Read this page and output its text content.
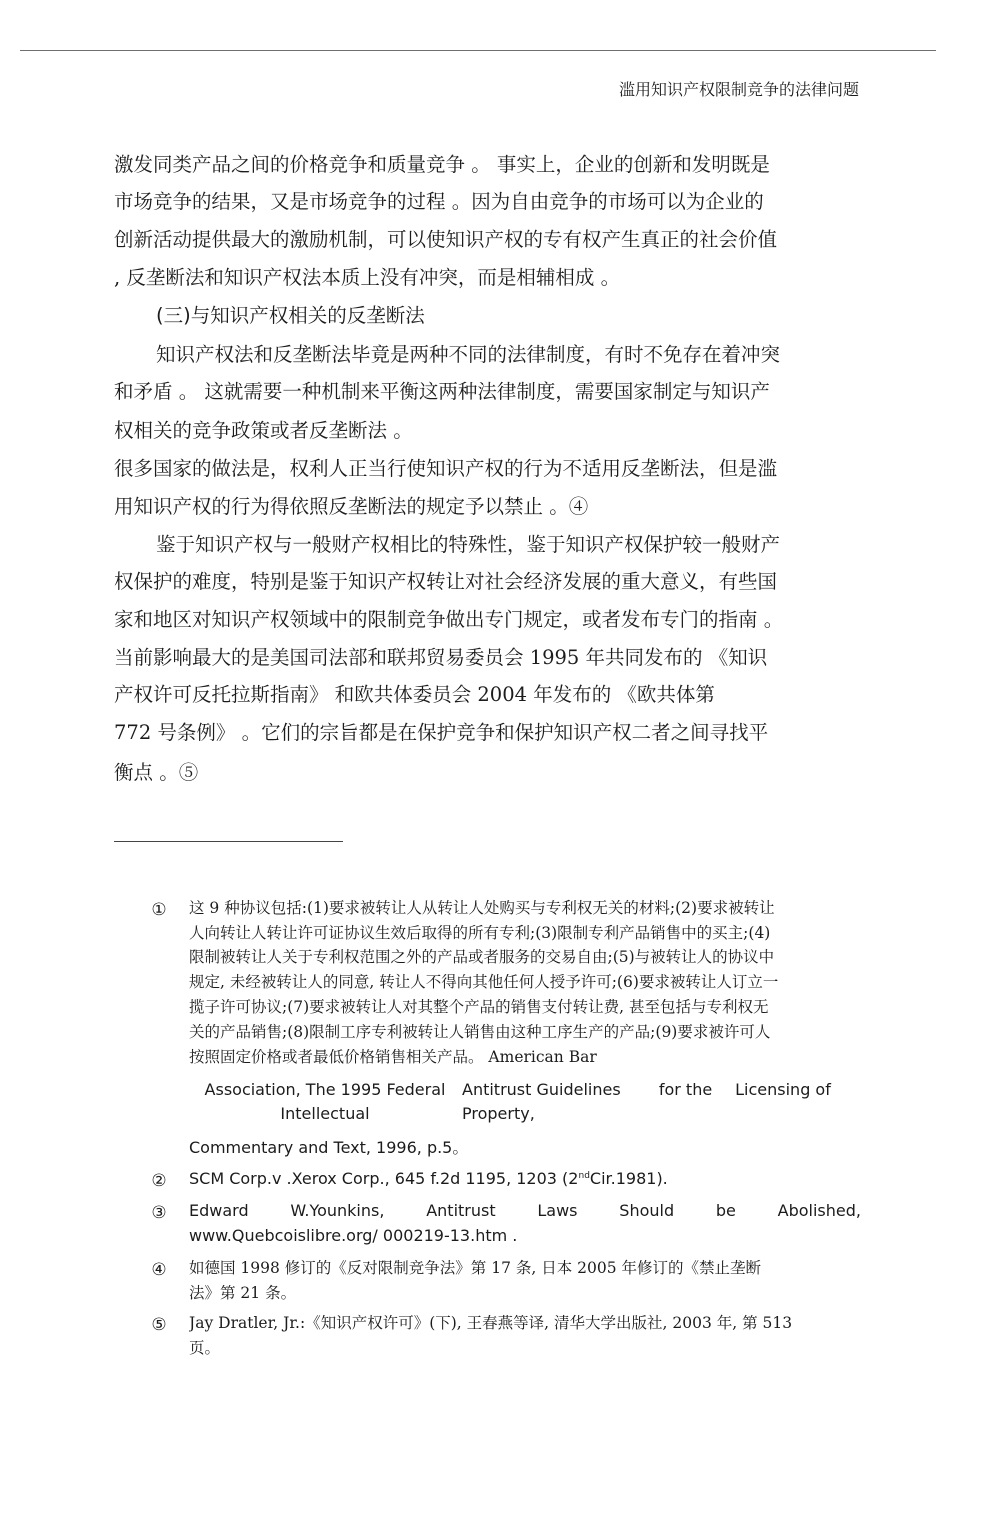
滥用知识产权限制竞争的法律问题
激发同类产品之间的价格竞争和质量竞争 。 事实上，企业的创新和发明既是
市场竞争的结果，又是市场竞争的过程 。因为自由竞争的市场可以为企业的
创新活动提供最大的激励机制，可以使知识产权的专有权产生真正的社会价值
, 反垄断法和知识产权法本质上没有冲突，而是相辅相成 。
(三)与知识产权相关的反垄断法
知识产权法和反垄断法毕竟是两种不同的法律制度，有时不免存在着冲突
和矛盾 。 这就需要一种机制来平衡这两种法律制度，需要国家制定与知识产
权相关的竞争政策或者反垄断法 。
很多国家的做法是，权利人正当行使知识产权的行为不适用反垄断法，但是滥
用知识产权的行为得依照反垄断法的规定予以禁止 。④
鉴于知识产权与一般财产权相比的特殊性，鉴于知识产权保护较一般财产
权保护的难度，特别是鉴于知识产权转让对社会经济发展的重大意义，有些国
家和地区对知识产权领域中的限制竞争做出专门规定，或者发布专门的指南 。
当前影响最大的是美国司法部和联邦贸易委员会 1995 年共同发布的 《知识
产权许可反托拉斯指南》 和欧共体委员会 2004 年发布的 《欧共体第
772 号条例》 。它们的宗旨都是在保护竞争和保护知识产权二者之间寻找平
衡点 。⑤
① 这 9 种协议包括:(1)要求被转让人从转让人处购买与专利权无关的材料;(2)要求被转让
人向转让人转让许可证协议生效后取得的所有专利;(3)限制专利产品销售中的买主;(4)
限制被转让人关于专利权范围之外的产品或者服务的交易自由;(5)与被转让人的协议中
规定, 未经被转让人的同意, 转让人不得向其他任何人授予许可;(6)要求被转让人订立一
揽子许可协议;(7)要求被转让人对其整个产品的销售支付转让费, 甚至包括与专利权无
关的产品销售;(8)限制工序专利被转让人销售由这种工序生产的产品;(9)要求被许可人
按照固定价格或者最低价格销售相关产品。 American Bar
Association, The 1995 Federal Intellectual
Antitrust Guidelines Property,
for the	Licensing of
Commentary and Text, 1996, p.5。
② SCM Corp.v .Xerox Corp., 645 f.2d 1195, 1203 (2ndCir.1981).
③ Edward	W.Younkins,	Antitrust	Laws	Should	be	Abolished,
www.Quebcoislibre.org/ 000219-13.htm .
④ 如德国 1998 修订的《反对限制竞争法》第 17 条, 日本 2005 年修订的《禁止垄断
法》第 21 条。
⑤ Jay Dratler, Jr.:《知识产权许可》(下), 王春燕等译, 清华大学出版社, 2003 年, 第 513
页。
